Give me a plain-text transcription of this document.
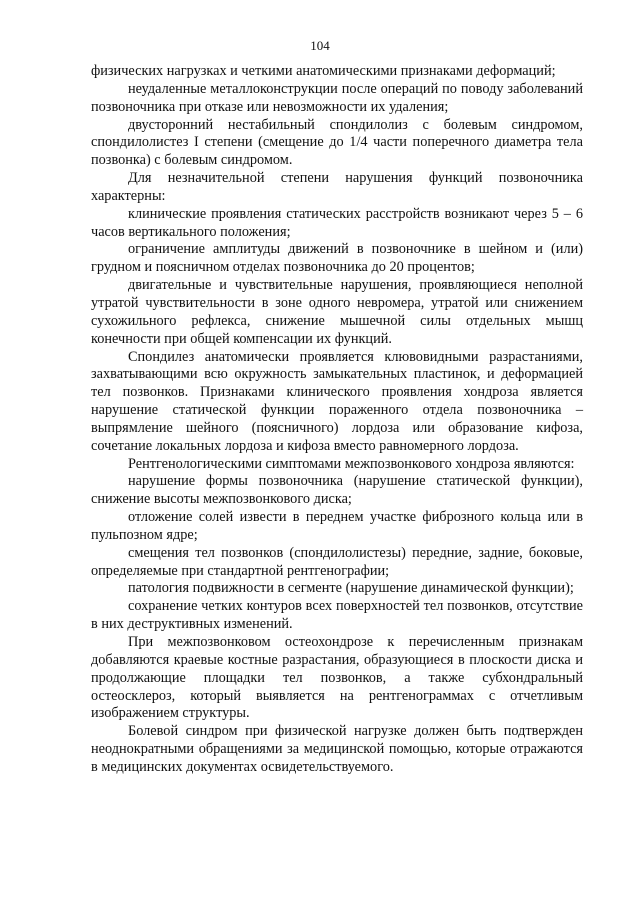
104

физических нагрузках и четкими анатомическими признаками деформаций;

неудаленные металлоконструкции после операций по поводу заболеваний позвоночника при отказе или невозможности их удаления;

двусторонний нестабильный спондилолиз с болевым синдромом, спондилолистез I степени (смещение до 1/4 части поперечного диаметра тела позвонка) с болевым синдромом.

Для незначительной степени нарушения функций позвоночника характерны:

клинические проявления статических расстройств возникают через 5 – 6 часов вертикального положения;

ограничение амплитуды движений в позвоночнике в шейном и (или) грудном и поясничном отделах позвоночника до 20 процентов;

двигательные и чувствительные нарушения, проявляющиеся неполной утратой чувствительности в зоне одного невромера, утратой или снижением сухожильного рефлекса, снижение мышечной силы отдельных мышц конечности при общей компенсации их функций.

Спондилез анатомически проявляется клювовидными разрастаниями, захватывающими всю окружность замыкательных пластинок, и деформацией тел позвонков. Признаками клинического проявления хондроза является нарушение статической функции пораженного отдела позвоночника – выпрямление шейного (поясничного) лордоза или образование кифоза, сочетание локальных лордоза и кифоза вместо равномерного лордоза.

Рентгенологическими симптомами межпозвонкового хондроза являются:

нарушение формы позвоночника (нарушение статической функции), снижение высоты межпозвонкового диска;

отложение солей извести в переднем участке фиброзного кольца или в пульпозном ядре;

смещения тел позвонков (спондилолистезы) передние, задние, боковые, определяемые при стандартной рентгенографии;

патология подвижности в сегменте (нарушение динамической функции);

сохранение четких контуров всех поверхностей тел позвонков, отсутствие в них деструктивных изменений.

При межпозвонковом остеохондрозе к перечисленным признакам добавляются краевые костные разрастания, образующиеся в плоскости диска и продолжающие площадки тел позвонков, а также субхондральный остеосклероз, который выявляется на рентгенограммах с отчетливым изображением структуры.

Болевой синдром при физической нагрузке должен быть подтвержден неоднократными обращениями за медицинской помощью, которые отражаются в медицинских документах освидетельствуемого.
